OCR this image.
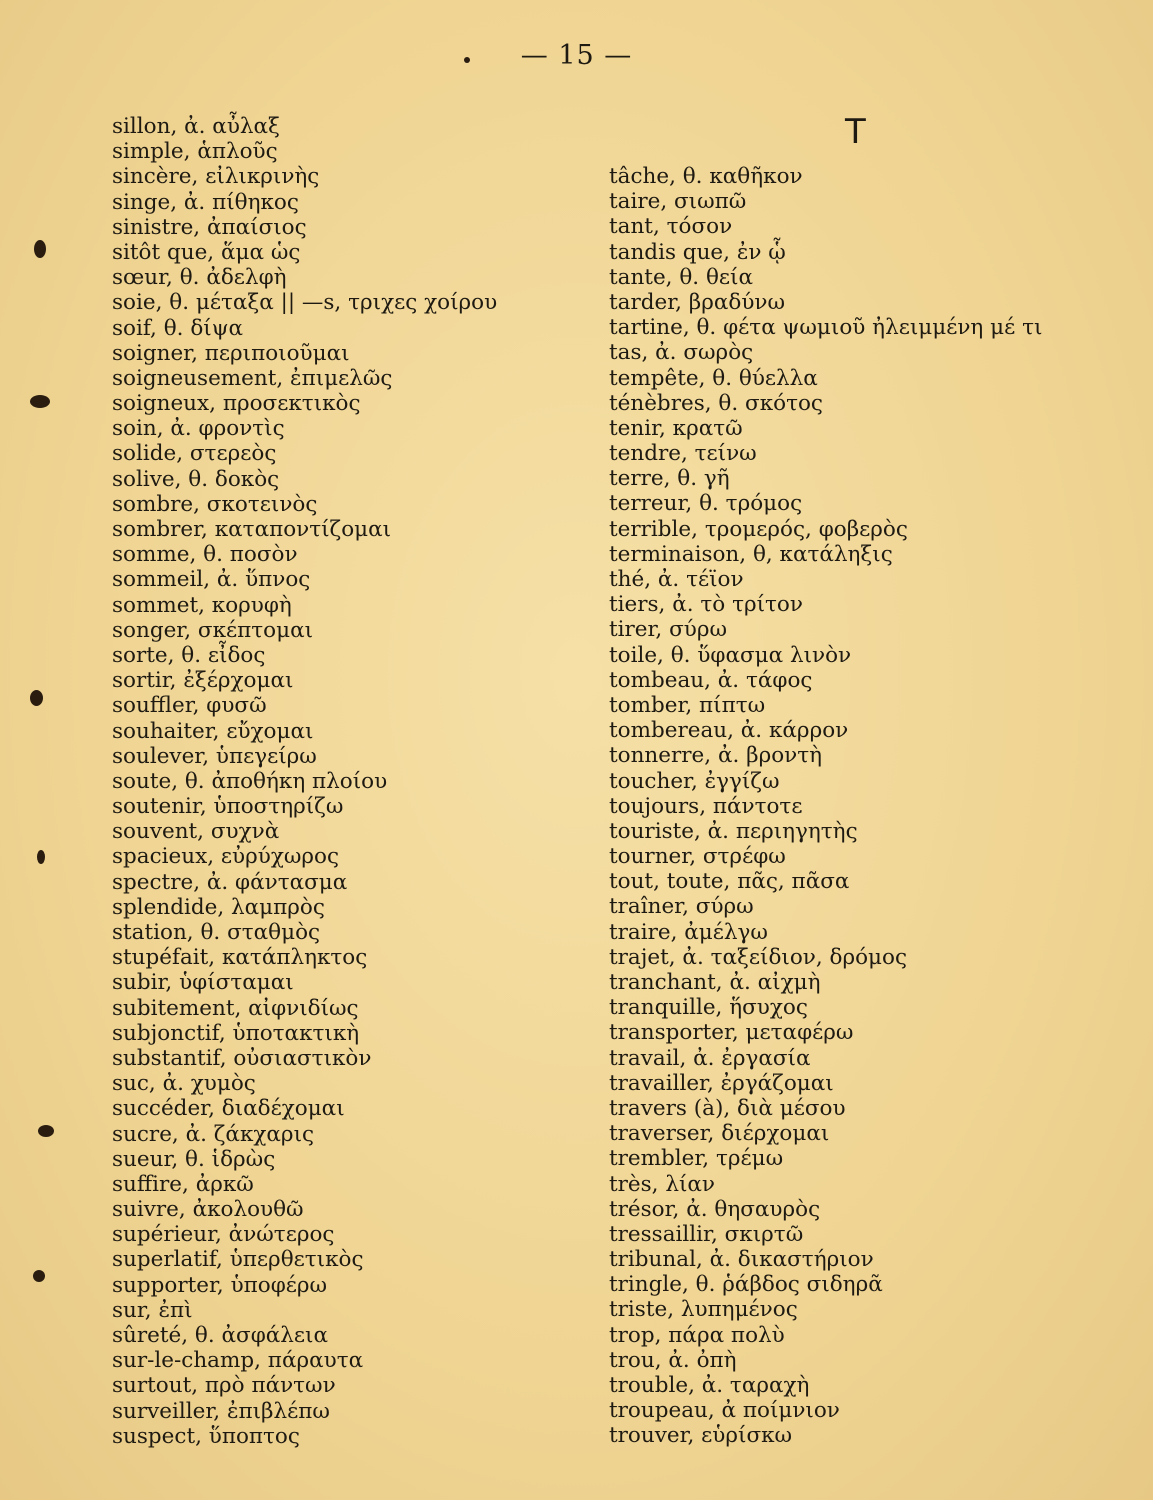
— 15 —
sillon, ἀ. αὖλαξ
simple, ἁπλοῦς
sincère, εἰλικρινὴς
singe, ἀ. πίθηκος
sinistre, ἀπαίσιος
sitôt que, ἅμα ὡς
sœur, θ. ἀδελφὴ
soie, θ. μέταξα || —s, τριχες χοίρου
soif, θ. δίψα
soigner, περιποιοῦμαι
soigneusement, ἐπιμελῶς
soigneux, προσεκτικὸς
soin, ἀ. φροντὶς
solide, στερεὸς
solive, θ. δοκὸς
sombre, σκοτεινὸς
sombrer, καταποντίζομαι
somme, θ. ποσὸν
sommeil, ἀ. ὕπνος
sommet, κορυφὴ
songer, σκέπτομαι
sorte, θ. εἶδος
sortir, ἐξέρχομαι
souffler, φυσῶ
souhaiter, εὔχομαι
soulever, ὑπεγείρω
soute, θ. ἀποθήκη πλοίου
soutenir, ὑποστηρίζω
souvent, συχνὰ
spacieux, εὐρύχωρος
spectre, ἀ. φάντασμα
splendide, λαμπρὸς
station, θ. σταθμὸς
stupéfait, κατάπληκτος
subir, ὑφίσταμαι
subitement, αἰφνιδίως
subjonctif, ὑποτακτικὴ
substantif, οὐσιαστικὸν
suc, ἀ. χυμὸς
succéder, διαδέχομαι
sucre, ἀ. ζάκχαρις
sueur, θ. ἱδρὼς
suffire, ἀρκῶ
suivre, ἀκολουθῶ
supérieur, ἀνώτερος
superlatif, ὑπερθετικὸς
supporter, ὑποφέρω
sur, ἐπὶ
sûreté, θ. ἀσφάλεια
sur-le-champ, πάραυτα
surtout, πρὸ πάντων
surveiller, ἐπιβλέπω
suspect, ὕποπτος
T
tâche, θ. καθῆκον
taire, σιωπῶ
tant, τόσον
tandis que, ἐν ᾧ
tante, θ. θεία
tarder, βραδύνω
tartine, θ. φέτα ψωμιοῦ ἠλειμμένη μέ τι
tas, ἀ. σωρὸς
tempête, θ. θύελλα
ténèbres, θ. σκότος
tenir, κρατῶ
tendre, τείνω
terre, θ. γῆ
terreur, θ. τρόμος
terrible, τρομερός, φοβερὸς
terminaison, θ, κατάληξις
thé, ἀ. τέϊον
tiers, ἀ. τὸ τρίτον
tirer, σύρω
toile, θ. ὕφασμα λινὸν
tombeau, ἀ. τάφος
tomber, πίπτω
tombereau, ἀ. κάρρον
tonnerre, ἀ. βροντὴ
toucher, ἐγγίζω
toujours, πάντοτε
touriste, ἀ. περιηγητὴς
tourner, στρέφω
tout, toute, πᾶς, πᾶσα
traîner, σύρω
traire, ἀμέλγω
trajet, ἀ. ταξείδιον, δρόμος
tranchant, ἀ. αἰχμὴ
tranquille, ἥσυχος
transporter, μεταφέρω
travail, ἀ. ἐργασία
travailler, ἐργάζομαι
travers (à), διὰ μέσου
traverser, διέρχομαι
trembler, τρέμω
très, λίαν
trésor, ἀ. θησαυρὸς
tressaillir, σκιρτῶ
tribunal, ἀ. δικαστήριον
tringle, θ. ῥάβδος σιδηρᾶ
triste, λυπημένος
trop, πάρα πολὺ
trou, ἀ. ὀπὴ
trouble, ἀ. ταραχὴ
troupeau, ἀ ποίμνιον
trouver, εὑρίσκω
